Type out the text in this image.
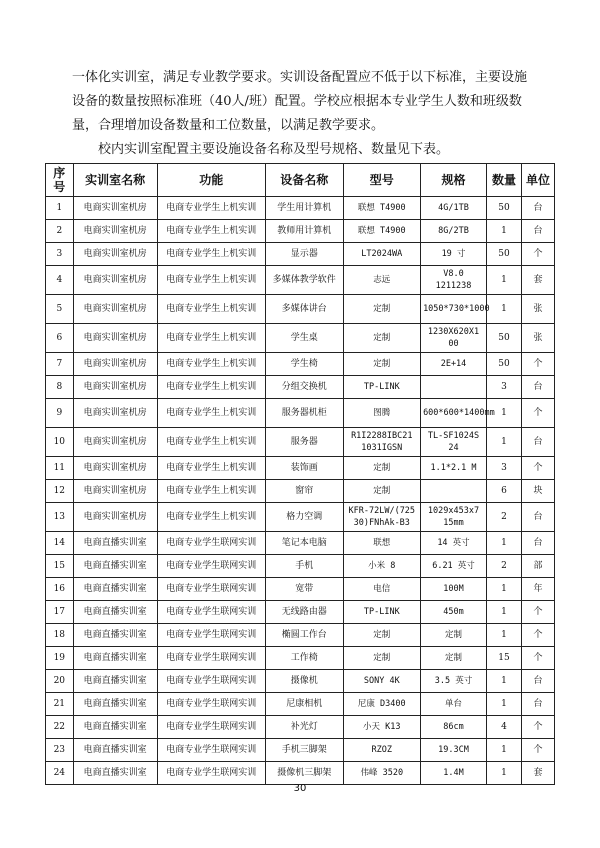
一体化实训室，满足专业教学要求。实训设备配置应不低于以下标准，主要设施设备的数量按照标准班（40人/班）配置。学校应根据本专业学生人数和班级数量，合理增加设备数量和工位数量，以满足教学要求。
校内实训室配置主要设施设备名称及型号规格、数量见下表。
序号	实训室名称	功能	设备名称	型号	规格	数量	单位
1	电商实训室机房	电商专业学生上机实训	学生用计算机	联想 T4900	4G/1TB	50	台
2	电商实训室机房	电商专业学生上机实训	教师用计算机	联想 T4900	8G/2TB	1	台
3	电商实训室机房	电商专业学生上机实训	显示器	LT2024WA	19 寸	50	个
4	电商实训室机房	电商专业学生上机实训	多媒体教学软件	志远	V8.0 1211238	1	套
5	电商实训室机房	电商专业学生上机实训	多媒体讲台	定制	1050*730*1000	1	张
6	电商实训室机房	电商专业学生上机实训	学生桌	定制	1230X620X1 00	50	张
7	电商实训室机房	电商专业学生上机实训	学生椅	定制	2E+14	50	个
8	电商实训室机房	电商专业学生上机实训	分组交换机	TP-LINK		3	台
9	电商实训室机房	电商专业学生上机实训	服务器机柜	图腾	600*600*1400mm	1	个
10	电商实训室机房	电商专业学生上机实训	服务器	R1I2288IBC21 1031IGSN	TL-SF1024S 24	1	台
11	电商实训室机房	电商专业学生上机实训	装饰画	定制	1.1*2.1 M	3	个
12	电商实训室机房	电商专业学生上机实训	窗帘	定制		6	块
13	电商实训室机房	电商专业学生上机实训	格力空调	KFR-72LW/(725 30)FNhAk-B3	1029x453x7 15mm	2	台
14	电商直播实训室	电商专业学生联网实训	笔记本电脑	联想	14 英寸	1	台
15	电商直播实训室	电商专业学生联网实训	手机	小米 8	6.21 英寸	2	部
16	电商直播实训室	电商专业学生联网实训	宽带	电信	100M	1	年
17	电商直播实训室	电商专业学生联网实训	无线路由器	TP-LINK	450m	1	个
18	电商直播实训室	电商专业学生联网实训	椭圆工作台	定制	定制	1	个
19	电商直播实训室	电商专业学生联网实训	工作椅	定制	定制	15	个
20	电商直播实训室	电商专业学生联网实训	摄像机	SONY 4K	3.5 英寸	1	台
21	电商直播实训室	电商专业学生联网实训	尼康相机	尼康 D3400	单台	1	台
22	电商直播实训室	电商专业学生联网实训	补光灯	小天 K13	86cm	4	个
23	电商直播实训室	电商专业学生联网实训	手机三脚架	RZOZ	19.3CM	1	个
24	电商直播实训室	电商专业学生联网实训	摄像机三脚架	伟峰 3520	1.4M	1	套
30
